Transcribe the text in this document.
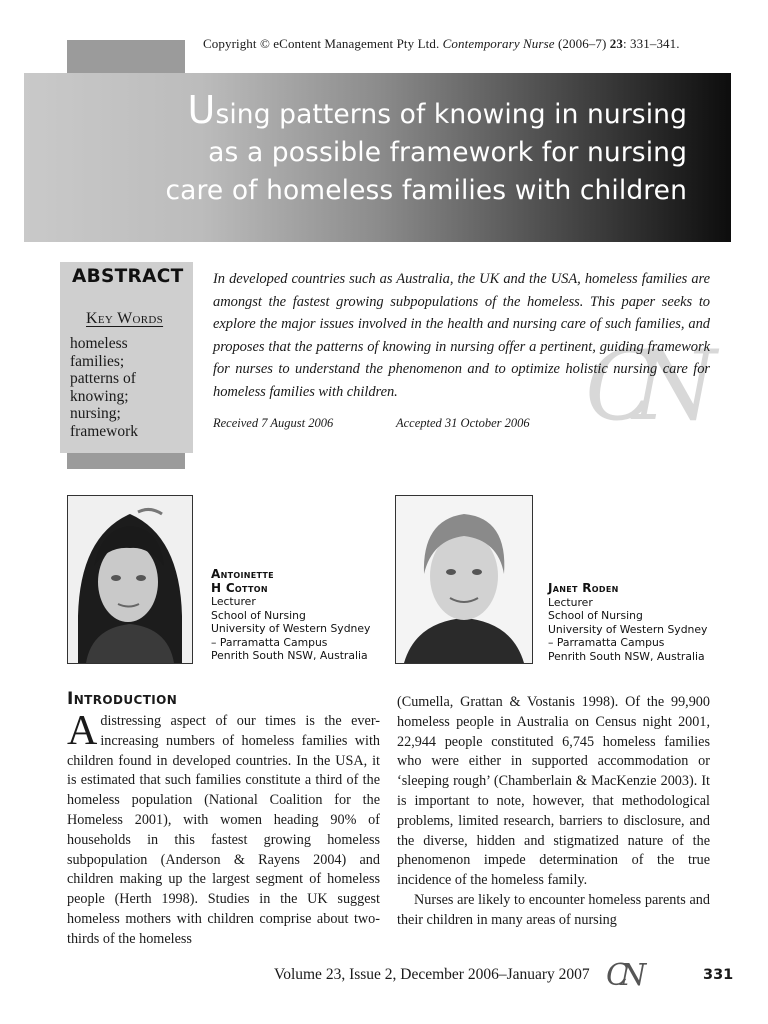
Copyright © eContent Management Pty Ltd. Contemporary Nurse (2006–7) 23: 331–341.
Using patterns of knowing in nursing
as a possible framework for nursing
care of homeless families with children
ABSTRACT
Key Words
homeless
families;
patterns of
knowing;
nursing;
framework	CN
In developed countries such as Australia, the UK and the USA, homeless families are amongst the fastest growing subpopulations of the homeless. This paper seeks to explore the major issues involved in the health and nursing care of such families, and proposes that the patterns of knowing in nursing offer a pertinent, guiding framework for nurses to understand the phenomenon and to optimize holistic nursing care for homeless families with children.
Received 7 August 2006	Accepted 31 October 2006
Antoinette
H Cotton
Lecturer
School of Nursing
University of Western Sydney
– Parramatta Campus
Penrith South NSW, Australia
Janet Roden
Lecturer
School of Nursing
University of Western Sydney
– Parramatta Campus
Penrith South NSW, Australia
Introduction

A distressing aspect of our times is the ever-increasing numbers of homeless families with children found in developed countries. In the USA, it is estimated that such families constitute a third of the homeless population (National Coalition for the Homeless 2001), with women heading 90% of households in this fastest growing homeless subpopulation (Anderson & Rayens 2004) and children making up the largest segment of homeless people (Herth 1998). Studies in the UK suggest homeless mothers with children comprise about two-thirds of the homeless

(Cumella, Grattan & Vostanis 1998). Of the 99,900 homeless people in Australia on Census night 2001, 22,944 people constituted 6,745 homeless families who were either in supported accommodation or ‘sleeping rough’ (Chamberlain & MacKenzie 2003). It is important to note, however, that methodological problems, limited research, barriers to disclosure, and the diverse, hidden and stigmatized nature of the phenomenon impede determination of the true incidence of the homeless family.

Nurses are likely to encounter homeless parents and their children in many areas of nursing

Volume 23, Issue 2, December 2006–January 2007 CN	331
